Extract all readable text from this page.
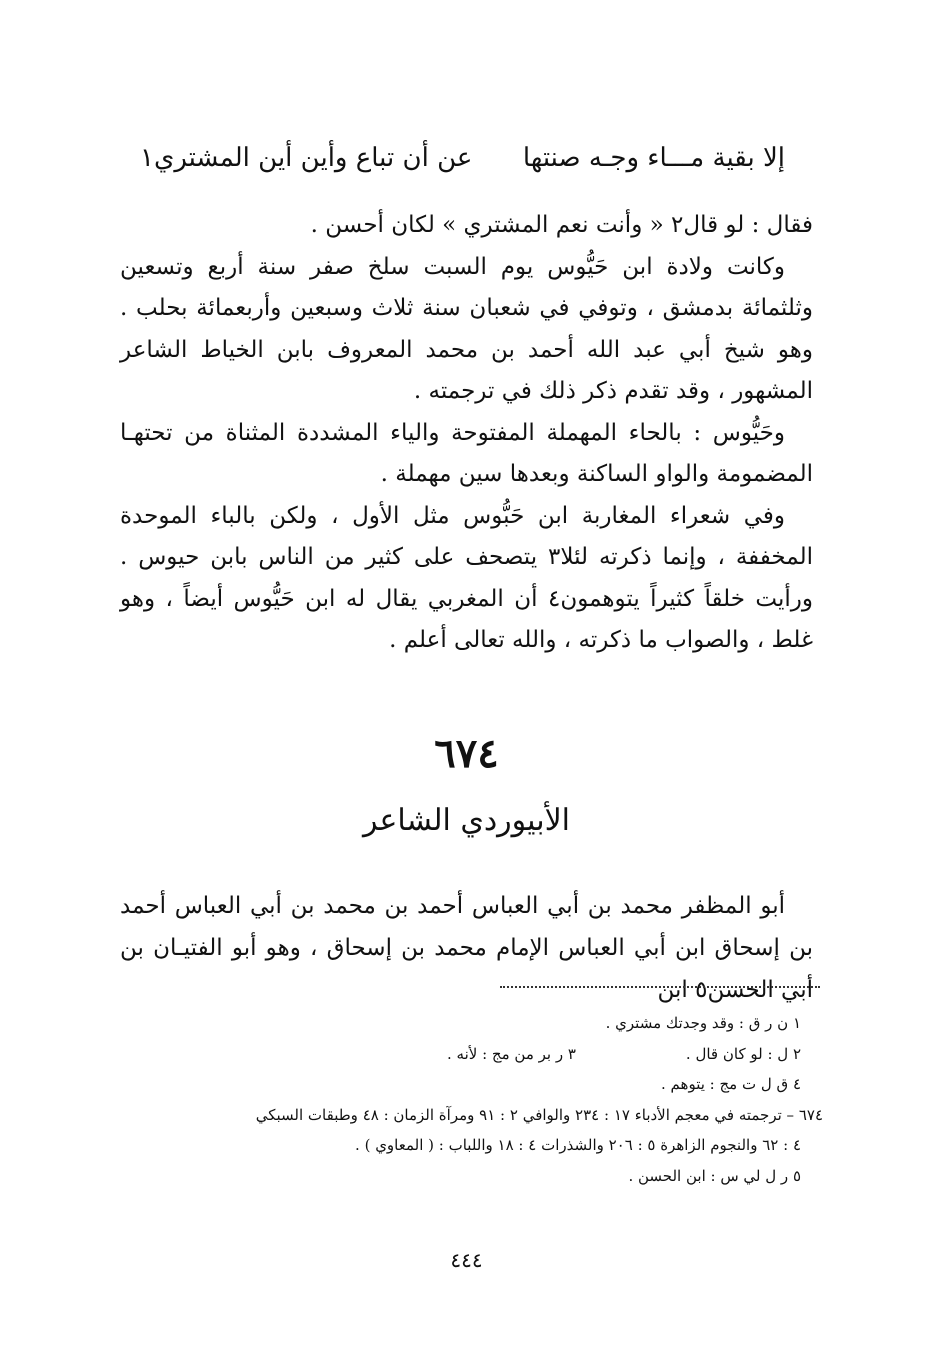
إلا بقية مـــاء وجـه صنتها
عن أن تباع وأين أين المشتري١

فقال : لو قال٢ « وأنت نعم المشتري » لكان أحسن .

وكانت ولادة ابن حَيُّوس يوم السبت سلخ صفر سنة أربع وتسعين وثلثمائة بدمشق ، وتوفي في شعبان سنة ثلاث وسبعين وأربعمائة بحلب . وهو شيخ أبي عبد الله أحمد بن محمد المعروف بابن الخياط الشاعر المشهور ، وقد تقدم ذكر ذلك في ترجمته .

وحَيُّوس : بالحاء المهملة المفتوحة والياء المشددة المثناة من تحتهـا المضمومة والواو الساكنة وبعدها سين مهملة .

وفي شعراء المغاربة ابن حَبُّوس مثل الأول ، ولكن بالباء الموحدة المخففة ، وإنما ذكرته لئلا٣ يتصحف على كثير من الناس بابن حيوس . ورأيت خلقاً كثيراً يتوهمون٤ أن المغربي يقال له ابن حَيُّوس أيضاً ، وهو غلط ، والصواب ما ذكرته ، والله تعالى أعلم .

٦٧٤
الأبيوردي الشاعر

أبو المظفر محمد بن أبي العباس أحمد بن محمد بن أبي العباس أحمد بن إسحاق ابن أبي العباس الإمام محمد بن إسحاق ، وهو أبو الفتيـان بن أبي الحسن٥ ابن

١ ن ر ق : وقد وجدتك مشتري .
٢ ل : لو كان قال .٣ ر بر من مج : لأنه .
٤ ق ل ت مج : يتوهم .
٦٧٤ – ترجمته في معجم الأدباء ١٧ : ٢٣٤ والوافي ٢ : ٩١ ومرآة الزمان : ٤٨ وطبقات السبكي
٤ : ٦٢ والنجوم الزاهرة ٥ : ٢٠٦ والشذرات ٤ : ١٨ واللباب : ( المعاوي ) .
٥ ر ل لي س : ابن الحسن .
٤٤٤
